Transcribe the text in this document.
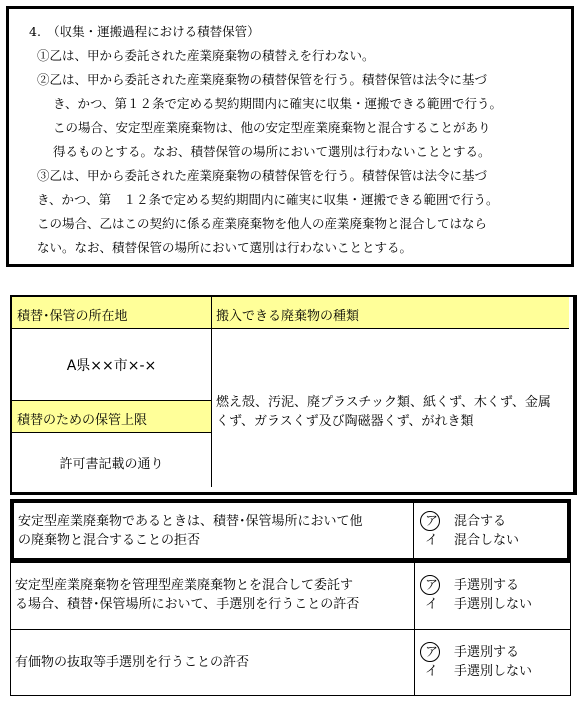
4.　（収集・運搬過程における積替保管）
①乙は、甲から委託された産業廃棄物の積替えを行わない。
②乙は、甲から委託された産業廃棄物の積替保管を行う。積替保管は法令に基づ
き、かつ、第１２条で定める契約期間内に確実に収集・運搬できる範囲で行う。
この場合、安定型産業廃棄物は、他の安定型産業廃棄物と混合することがあり
得るものとする。なお、積替保管の場所において選別は行わないこととする。
③乙は、甲から委託された産業廃棄物の積替保管を行う。積替保管は法令に基づ
き、かつ、第　１２条で定める契約期間内に確実に収集・運搬できる範囲で行う。
この場合、乙はこの契約に係る産業廃棄物を他人の産業廃棄物と混合してはなら
ない。なお、積替保管の場所において選別は行わないこととする。
積替･保管の所在地	搬入できる廃棄物の種類
A県××市×-×
積替のための保管上限
許可書記載の通り
燃え殻、汚泥、廃プラスチック類、紙くず、木くず、金属
くず、ガラスくず及び陶磁器くず、がれき類
安定型産業廃棄物であるときは、積替･保管場所において他
の廃棄物と混合することの拒否
ア 混合する
イ 混合しない
安定型産業廃棄物を管理型産業廃棄物とを混合して委託す
る場合、積替･保管場所において、手選別を行うことの許否
ア 手選別する
イ 手選別しない
有価物の抜取等手選別を行うことの許否
ア 手選別する
イ 手選別しない
